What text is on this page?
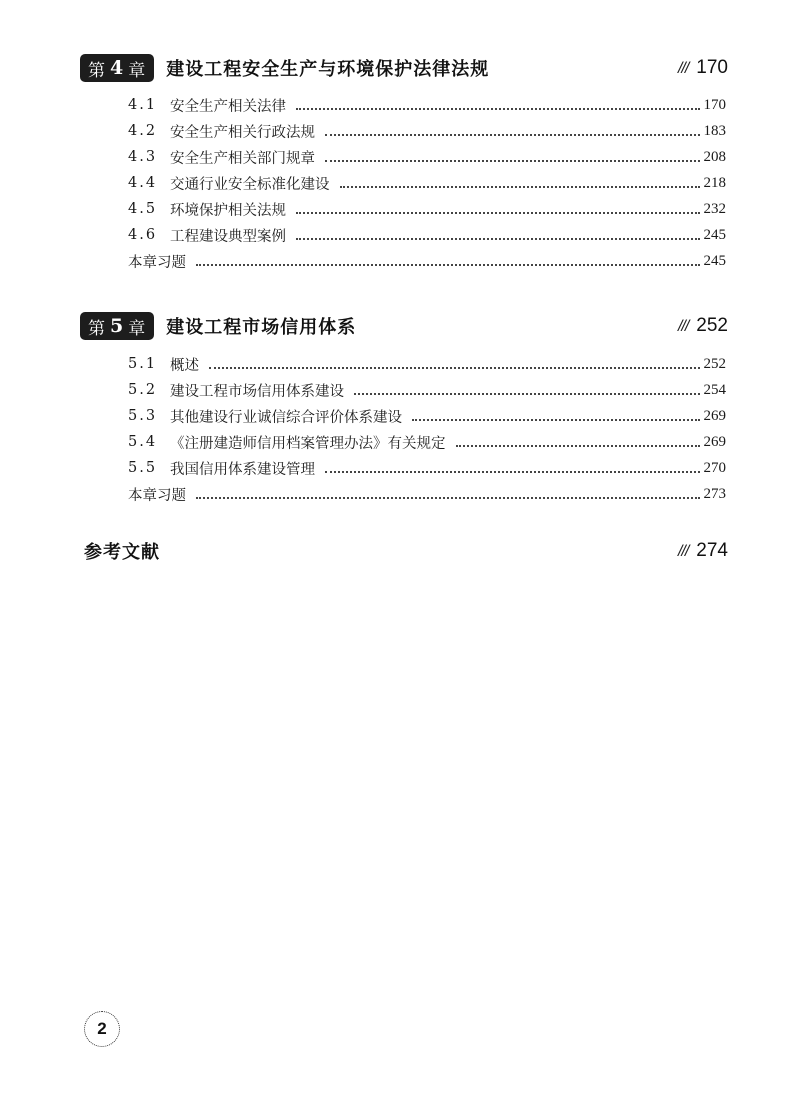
第 4 章 建设工程安全生产与环境保护法律法规	/// 170
4.1 安全生产相关法律	170
4.2 安全生产相关行政法规	183
4.3 安全生产相关部门规章	208
4.4 交通行业安全标准化建设	218
4.5 环境保护相关法规	232
4.6 工程建设典型案例	245
本章习题	245
第 5 章 建设工程市场信用体系	/// 252
5.1 概述	252
5.2 建设工程市场信用体系建设	254
5.3 其他建设行业诚信综合评价体系建设	269
5.4 《注册建造师信用档案管理办法》有关规定	269
5.5 我国信用体系建设管理	270
本章习题	273
参考文献	/// 274
2
